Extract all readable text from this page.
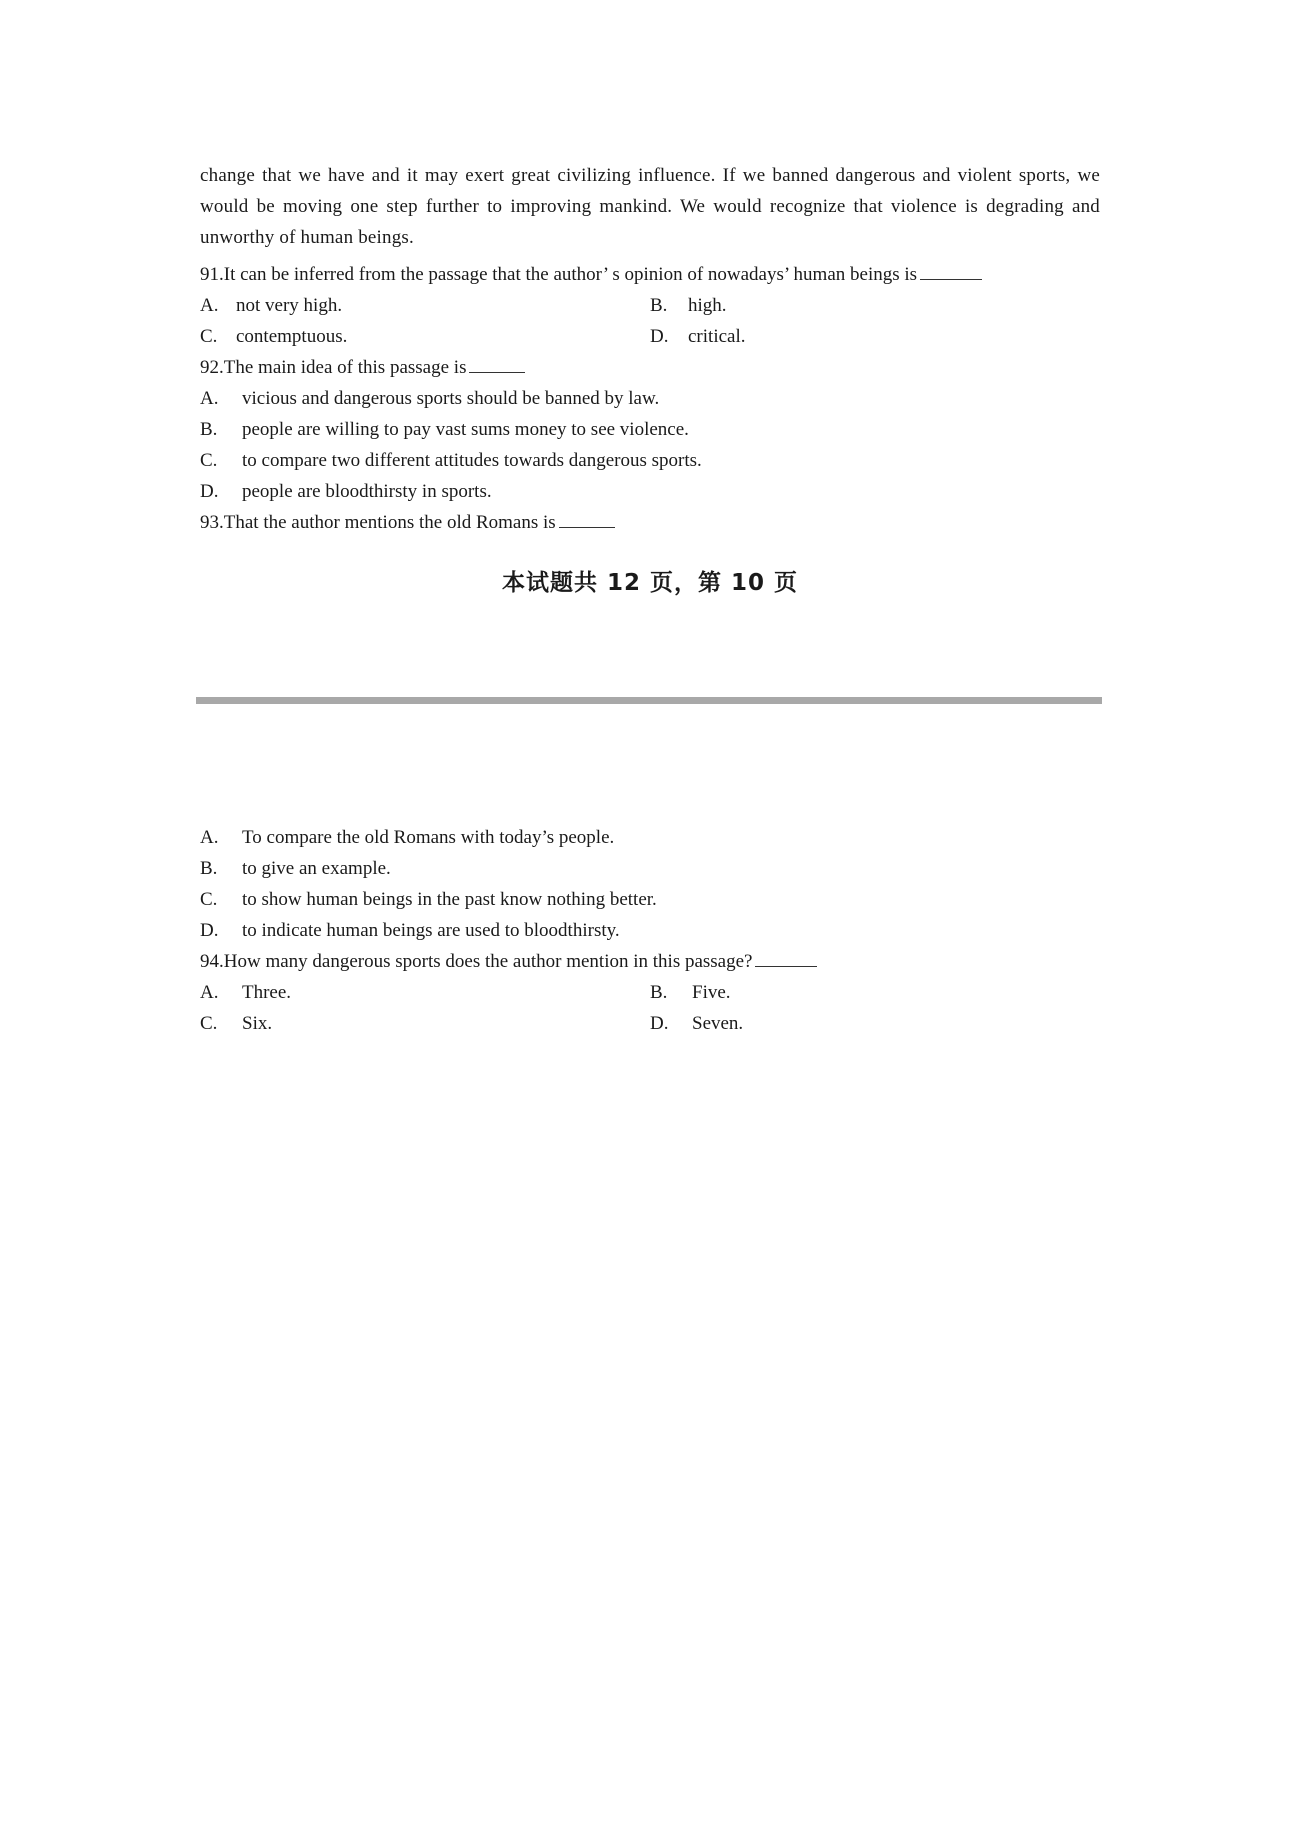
change that we have and it may exert great civilizing influence. If we banned dangerous and violent sports, we would be moving one step further to improving mankind. We would recognize that violence is degrading and unworthy of human beings.

91.It can be inferred from the passage that the author’ s opinion of nowadays’ human beings is

A. not very high.	B.	high.
C. contemptuous.	D.	critical.

92.The main idea of this passage is

A.	vicious and dangerous sports should be banned by law.
B.	people are willing to pay vast sums money to see violence.
C.	to compare two different attitudes towards dangerous sports.
D.	people are bloodthirsty in sports.

93.That the author mentions the old Romans is

本试题共 12 页，第 10 页
A.	To compare the old Romans with today’s people.
B.	to give an example.
C.	to show human beings in the past know nothing better.
D.	to indicate human beings are used to bloodthirsty.

94.How many dangerous sports does the author mention in this passage?

A.	Three.	B.	Five.
C.	Six.	D.	Seven.
